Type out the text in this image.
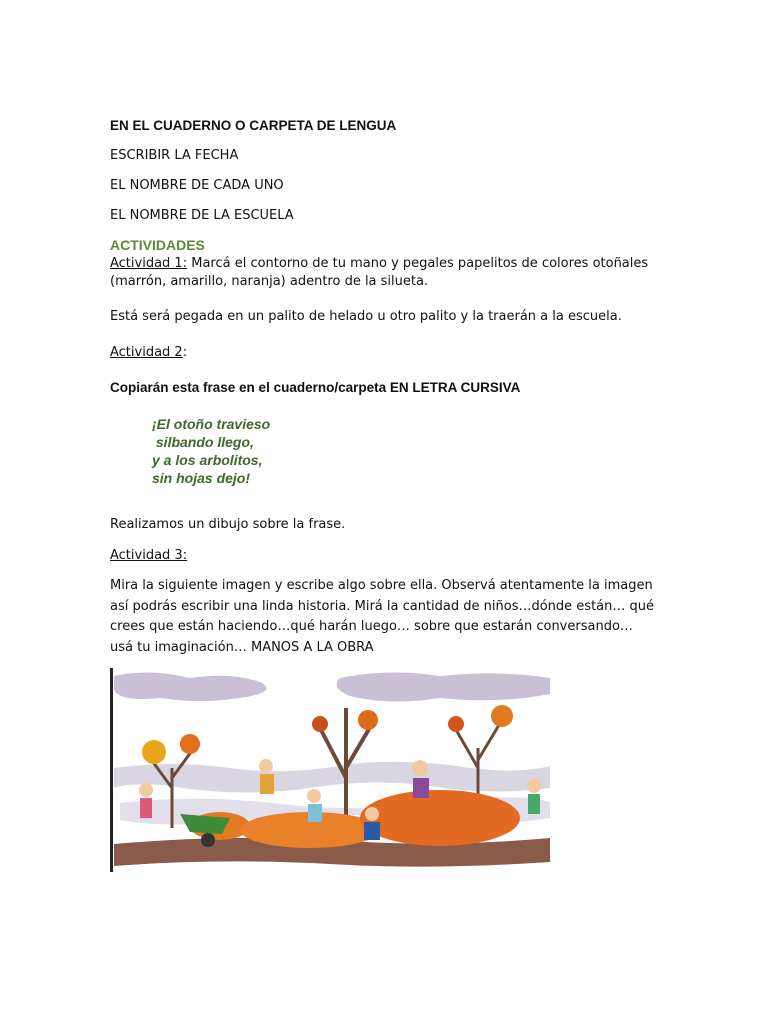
EN EL CUADERNO O CARPETA DE LENGUA

ESCRIBIR LA FECHA

EL NOMBRE DE CADA UNO

EL NOMBRE DE LA ESCUELA

ACTIVIDADES

Actividad 1: Marcá el contorno de tu mano y pegales papelitos de colores otoñales

(marrón, amarillo, naranja) adentro de la silueta.

Está será pegada en un palito de helado u otro palito y la traerán a la escuela.

Actividad 2:

Copiarán esta frase en el cuaderno/carpeta EN LETRA CURSIVA

¡El otoño travieso

silbando llego,

y a los arbolitos,

sin hojas dejo!

Realizamos un dibujo sobre la frase.

Actividad 3:

Mira la siguiente imagen y escribe algo sobre ella. Observá atentamente la imagen así podrás escribir una linda historia. Mirá la cantidad de niños…dónde están… qué crees que están haciendo…qué harán luego… sobre que estarán conversando… usá tu imaginación… MANOS A LA OBRA
